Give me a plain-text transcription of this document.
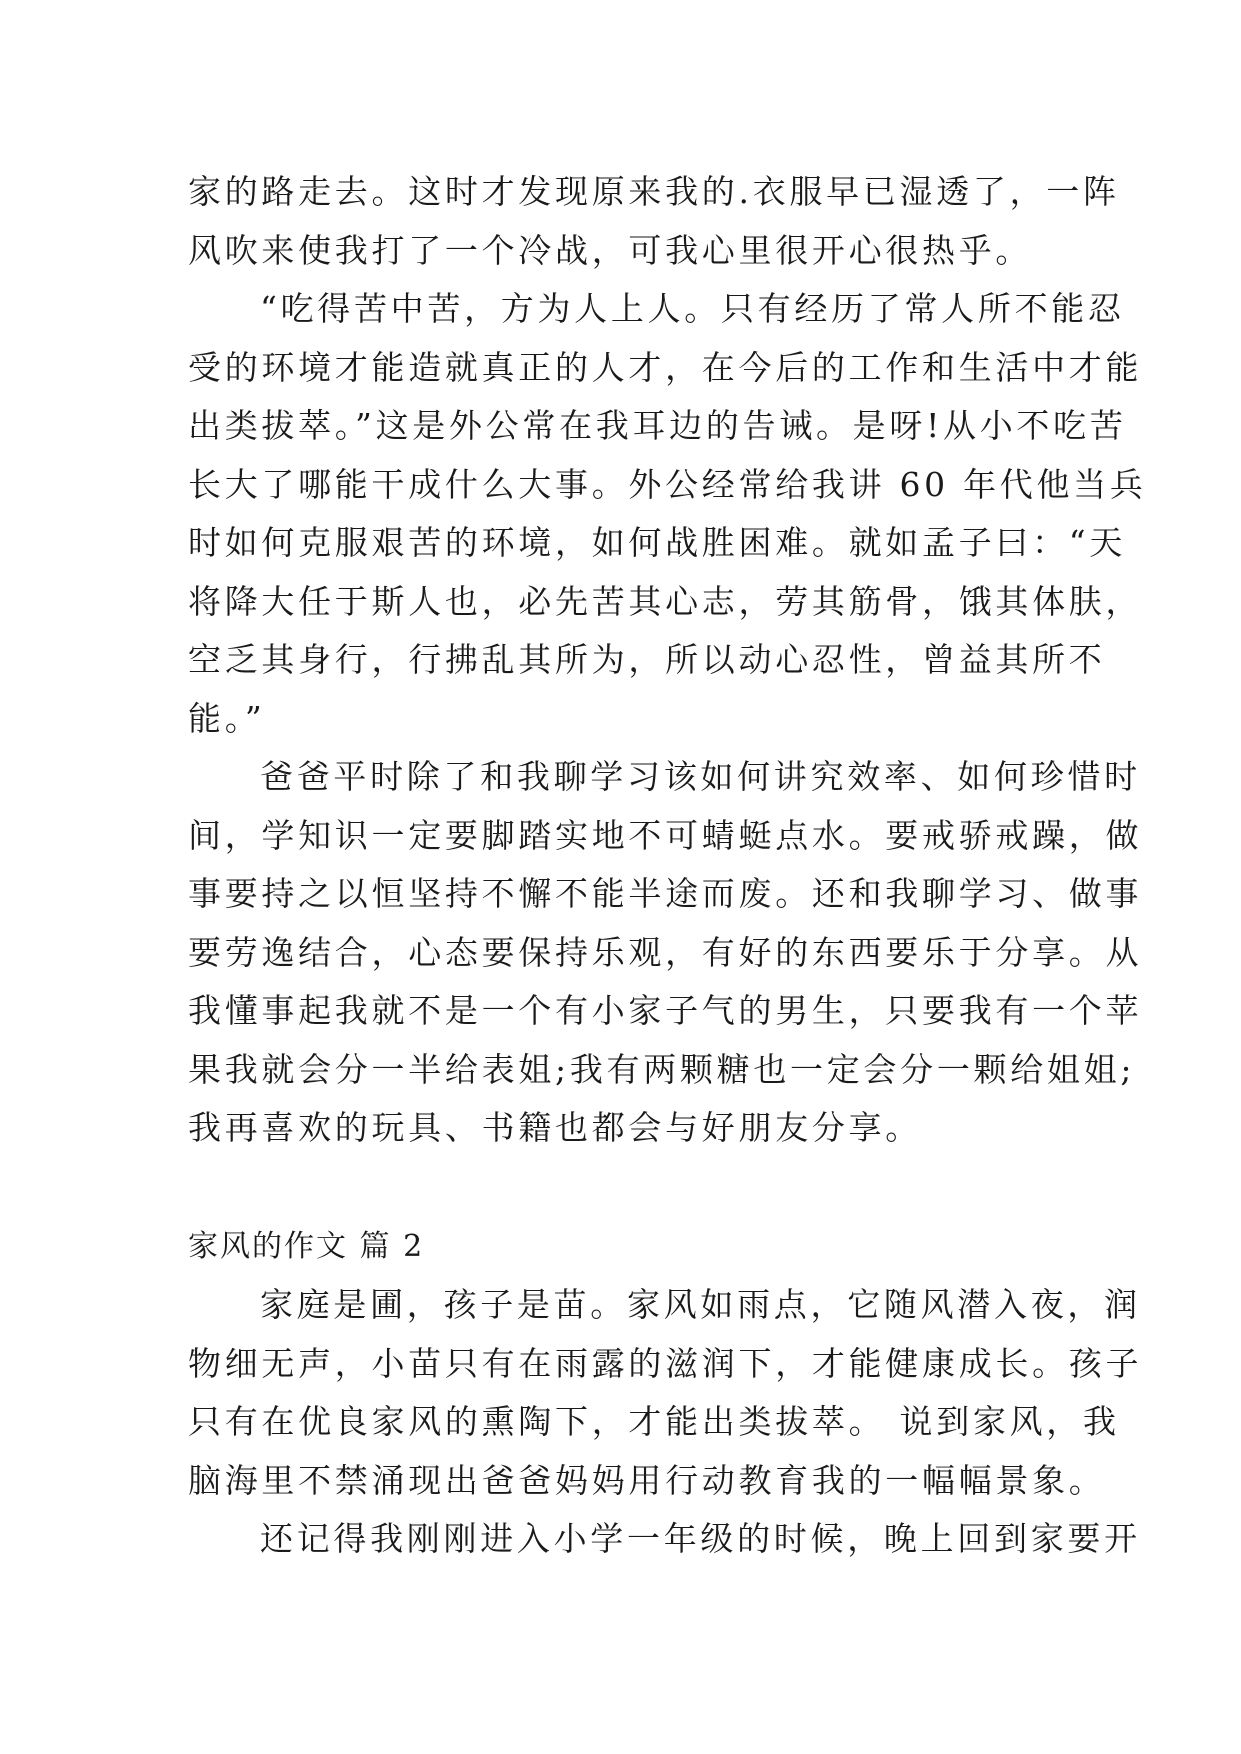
家的路走去。这时才发现原来我的.衣服早已湿透了，一阵
风吹来使我打了一个冷战，可我心里很开心很热乎。
“吃得苦中苦，方为人上人。只有经历了常人所不能忍
受的环境才能造就真正的人才，在今后的工作和生活中才能
出类拔萃。”这是外公常在我耳边的告诫。是呀!从小不吃苦
长大了哪能干成什么大事。外公经常给我讲 60 年代他当兵
时如何克服艰苦的环境，如何战胜困难。就如孟子曰：“天
将降大任于斯人也，必先苦其心志，劳其筋骨，饿其体肤，
空乏其身行，行拂乱其所为，所以动心忍性，曾益其所不
能。”
爸爸平时除了和我聊学习该如何讲究效率、如何珍惜时
间，学知识一定要脚踏实地不可蜻蜓点水。要戒骄戒躁，做
事要持之以恒坚持不懈不能半途而废。还和我聊学习、做事
要劳逸结合，心态要保持乐观，有好的东西要乐于分享。从
我懂事起我就不是一个有小家子气的男生，只要我有一个苹
果我就会分一半给表姐;我有两颗糖也一定会分一颗给姐姐;
我再喜欢的玩具、书籍也都会与好朋友分享。
家风的作文 篇 2
家庭是圃，孩子是苗。家风如雨点，它随风潜入夜，润
物细无声，小苗只有在雨露的滋润下，才能健康成长。孩子
只有在优良家风的熏陶下，才能出类拔萃。 说到家风，我
脑海里不禁涌现出爸爸妈妈用行动教育我的一幅幅景象。
还记得我刚刚进入小学一年级的时候，晚上回到家要开
